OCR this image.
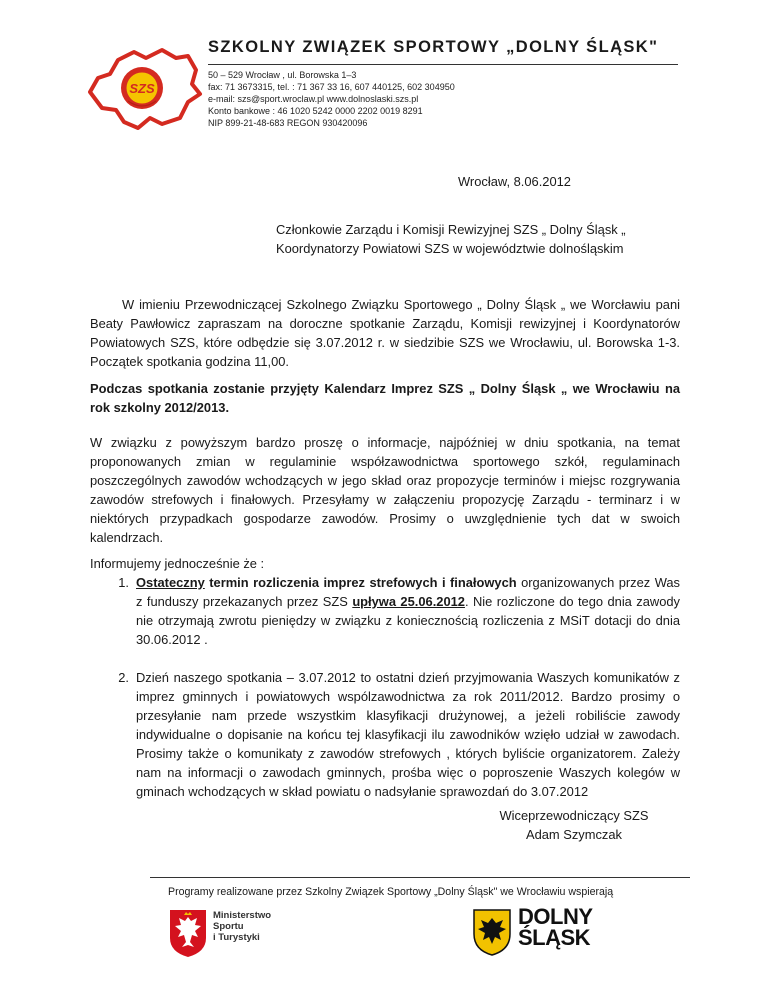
SZS
SZKOLNY ZWIĄZEK SPORTOWY „DOLNY ŚLĄSK"
50 – 529 Wrocław , ul. Borowska 1–3
fax: 71 3673315, tel. : 71 367 33 16, 607 440125, 602 304950
e-mail: szs@sport.wroclaw.pl www.dolnoslaski.szs.pl
Konto bankowe : 46 1020 5242 0000 2202 0019 8291
NIP 899-21-48-683 REGON 930420096
Wrocław, 8.06.2012
Członkowie Zarządu i Komisji Rewizyjnej SZS „ Dolny Śląsk „
Koordynatorzy Powiatowi SZS w województwie dolnośląskim
W imieniu Przewodniczącej Szkolnego Związku Sportowego „ Dolny Śląsk „ we Worcławiu pani Beaty Pawłowicz zapraszam na doroczne spotkanie Zarządu, Komisji rewizyjnej i Koordynatorów Powiatowych SZS, które odbędzie się 3.07.2012 r. w siedzibie SZS we Wrocławiu, ul. Borowska 1-3. Początek spotkania godzina 11,00.
Podczas spotkania zostanie przyjęty Kalendarz Imprez SZS „ Dolny Śląsk „ we Wrocławiu na rok szkolny 2012/2013.
W związku z powyższym bardzo proszę o informacje, najpóźniej w dniu spotkania, na temat proponowanych zmian w regulaminie współzawodnictwa sportowego szkół, regulaminach poszczególnych zawodów wchodzących w jego skład oraz propozycje terminów i miejsc rozgrywania zawodów strefowych i finałowych. Przesyłamy w załączeniu propozycję Zarządu - terminarz i w niektórych przypadkach gospodarze zawodów. Prosimy o uwzględnienie tych dat w swoich kalendrzach.
Informujemy jednocześnie że :
1. Ostateczny termin rozliczenia imprez strefowych i finałowych organizowanych przez Was z funduszy przekazanych przez SZS upływa 25.06.2012. Nie rozliczone do tego dnia zawody nie otrzymają zwrotu pieniędzy w związku z koniecznością rozliczenia z MSiT dotacji do dnia 30.06.2012 .
2. Dzień naszego spotkania – 3.07.2012 to ostatni dzień przyjmowania Waszych komunikatów z imprez gminnych i powiatowych wspólzawodnictwa za rok 2011/2012. Bardzo prosimy o przesyłanie nam przede wszystkim klasyfikacji drużynowej, a jeżeli robiliście zawody indywidualne o dopisanie na końcu tej klasyfikacji ilu zawodników wzięło udział w zawodach. Prosimy także o komunikaty z zawodów strefowych , których byliście organizatorem. Zależy nam na informacji o zawodach gminnych, prośba więc o poproszenie Waszych kolegów w gminach wchodzących w skład powiatu o nadsyłanie sprawozdań do 3.07.2012
Wiceprzewodniczący SZS
Adam Szymczak
Programy realizowane przez Szkolny Związek Sportowy „Dolny Śląsk" we Wrocławiu wspierają
Ministerstwo
Sportu
i Turystyki
DOLNY
ŚLĄSK
